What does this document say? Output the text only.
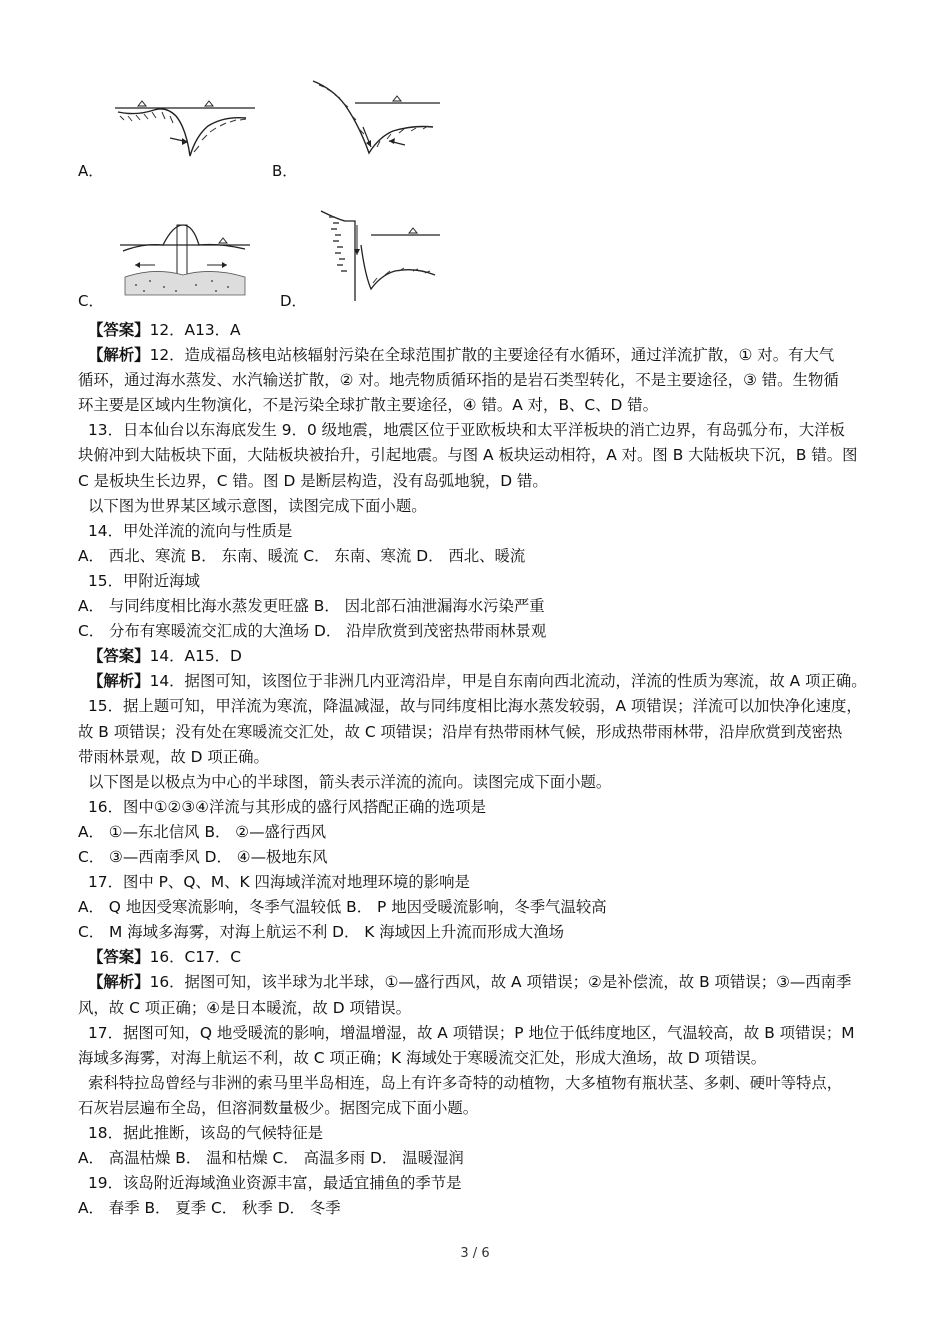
A．	B．
C．	D．
【答案】12．A13．A
【解析】12．造成福岛核电站核辐射污染在全球范围扩散的主要途径有水循环，通过洋流扩散，① 对。有大气
循环，通过海水蒸发、水汽输送扩散，② 对。地壳物质循环指的是岩石类型转化，不是主要途径，③ 错。生物循
环主要是区域内生物演化，不是污染全球扩散主要途径，④ 错。A 对，B、C、D 错。
13．日本仙台以东海底发生 9．0 级地震，地震区位于亚欧板块和太平洋板块的消亡边界，有岛弧分布，大洋板
块俯冲到大陆板块下面，大陆板块被抬升，引起地震。与图 A 板块运动相符，A 对。图 B 大陆板块下沉，B 错。图
C 是板块生长边界，C 错。图 D 是断层构造，没有岛弧地貌，D 错。
以下图为世界某区域示意图，读图完成下面小题。
14．甲处洋流的流向与性质是
A． 西北、寒流 B． 东南、暖流 C． 东南、寒流 D． 西北、暖流
15．甲附近海域
A． 与同纬度相比海水蒸发更旺盛 B． 因北部石油泄漏海水污染严重
C． 分布有寒暖流交汇成的大渔场 D． 沿岸欣赏到茂密热带雨林景观
【答案】14．A15．D
【解析】14．据图可知，该图位于非洲几内亚湾沿岸，甲是自东南向西北流动，洋流的性质为寒流，故 A 项正确。
15．据上题可知，甲洋流为寒流，降温减湿，故与同纬度相比海水蒸发较弱，A 项错误；洋流可以加快净化速度，
故 B 项错误；没有处在寒暖流交汇处，故 C 项错误；沿岸有热带雨林气候，形成热带雨林带，沿岸欣赏到茂密热
带雨林景观，故 D 项正确。
以下图是以极点为中心的半球图，箭头表示洋流的流向。读图完成下面小题。
16．图中①②③④洋流与其形成的盛行风搭配正确的选项是
A． ①—东北信风 B． ②—盛行西风
C． ③—西南季风 D． ④—极地东风
17．图中 P、Q、M、K 四海域洋流对地理环境的影响是
A． Q 地因受寒流影响，冬季气温较低 B． P 地因受暖流影响，冬季气温较高
C． M 海域多海雾，对海上航运不利 D． K 海域因上升流而形成大渔场
【答案】16．C17．C
【解析】16．据图可知，该半球为北半球，①—盛行西风，故 A 项错误；②是补偿流，故 B 项错误；③—西南季
风，故 C 项正确；④是日本暖流，故 D 项错误。
17．据图可知，Q 地受暖流的影响，增温增湿，故 A 项错误；P 地位于低纬度地区，气温较高，故 B 项错误；M
海域多海雾，对海上航运不利，故 C 项正确；K 海域处于寒暖流交汇处，形成大渔场，故 D 项错误。
索科特拉岛曾经与非洲的索马里半岛相连，岛上有许多奇特的动植物，大多植物有瓶状茎、多刺、硬叶等特点，
石灰岩层遍布全岛，但溶洞数量极少。据图完成下面小题。
18．据此推断，该岛的气候特征是
A． 高温枯燥 B． 温和枯燥 C． 高温多雨 D． 温暖湿润
19．该岛附近海域渔业资源丰富，最适宜捕鱼的季节是
A． 春季 B． 夏季 C． 秋季 D． 冬季
3 / 6
